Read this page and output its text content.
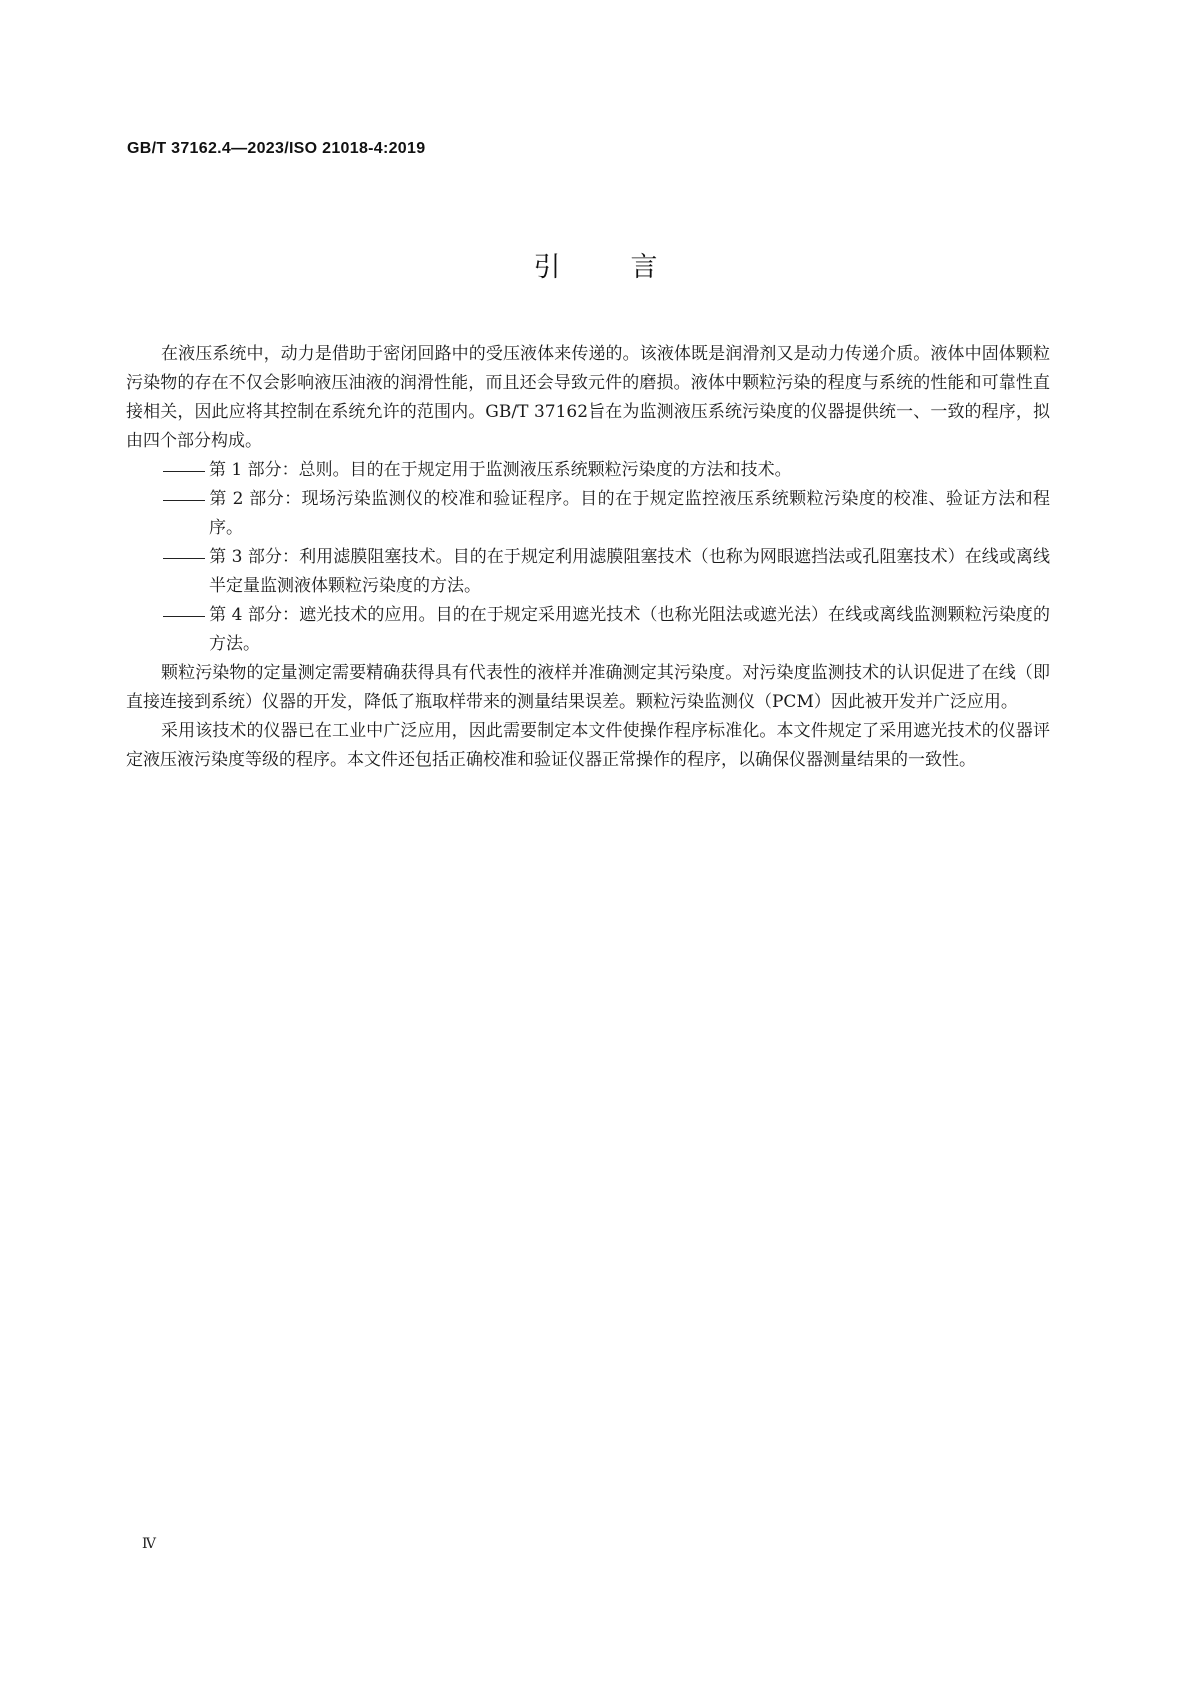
GB/T 37162.4—2023/ISO 21018-4:2019
引言

在液压系统中，动力是借助于密闭回路中的受压液体来传递的。该液体既是润滑剂又是动力传递介质。液体中固体颗粒污染物的存在不仅会影响液压油液的润滑性能，而且还会导致元件的磨损。液体中颗粒污染的程度与系统的性能和可靠性直接相关，因此应将其控制在系统允许的范围内。GB/T 37162旨在为监测液压系统污染度的仪器提供统一、一致的程序，拟由四个部分构成。

第 1 部分：总则。目的在于规定用于监测液压系统颗粒污染度的方法和技术。

第 2 部分：现场污染监测仪的校准和验证程序。目的在于规定监控液压系统颗粒污染度的校准、验证方法和程序。

第 3 部分：利用滤膜阻塞技术。目的在于规定利用滤膜阻塞技术（也称为网眼遮挡法或孔阻塞技术）在线或离线半定量监测液体颗粒污染度的方法。

第 4 部分：遮光技术的应用。目的在于规定采用遮光技术（也称光阻法或遮光法）在线或离线监测颗粒污染度的方法。

颗粒污染物的定量测定需要精确获得具有代表性的液样并准确测定其污染度。对污染度监测技术的认识促进了在线（即直接连接到系统）仪器的开发，降低了瓶取样带来的测量结果误差。颗粒污染监测仪（PCM）因此被开发并广泛应用。

采用该技术的仪器已在工业中广泛应用，因此需要制定本文件使操作程序标准化。本文件规定了采用遮光技术的仪器评定液压液污染度等级的程序。本文件还包括正确校准和验证仪器正常操作的程序，以确保仪器测量结果的一致性。

Ⅳ
